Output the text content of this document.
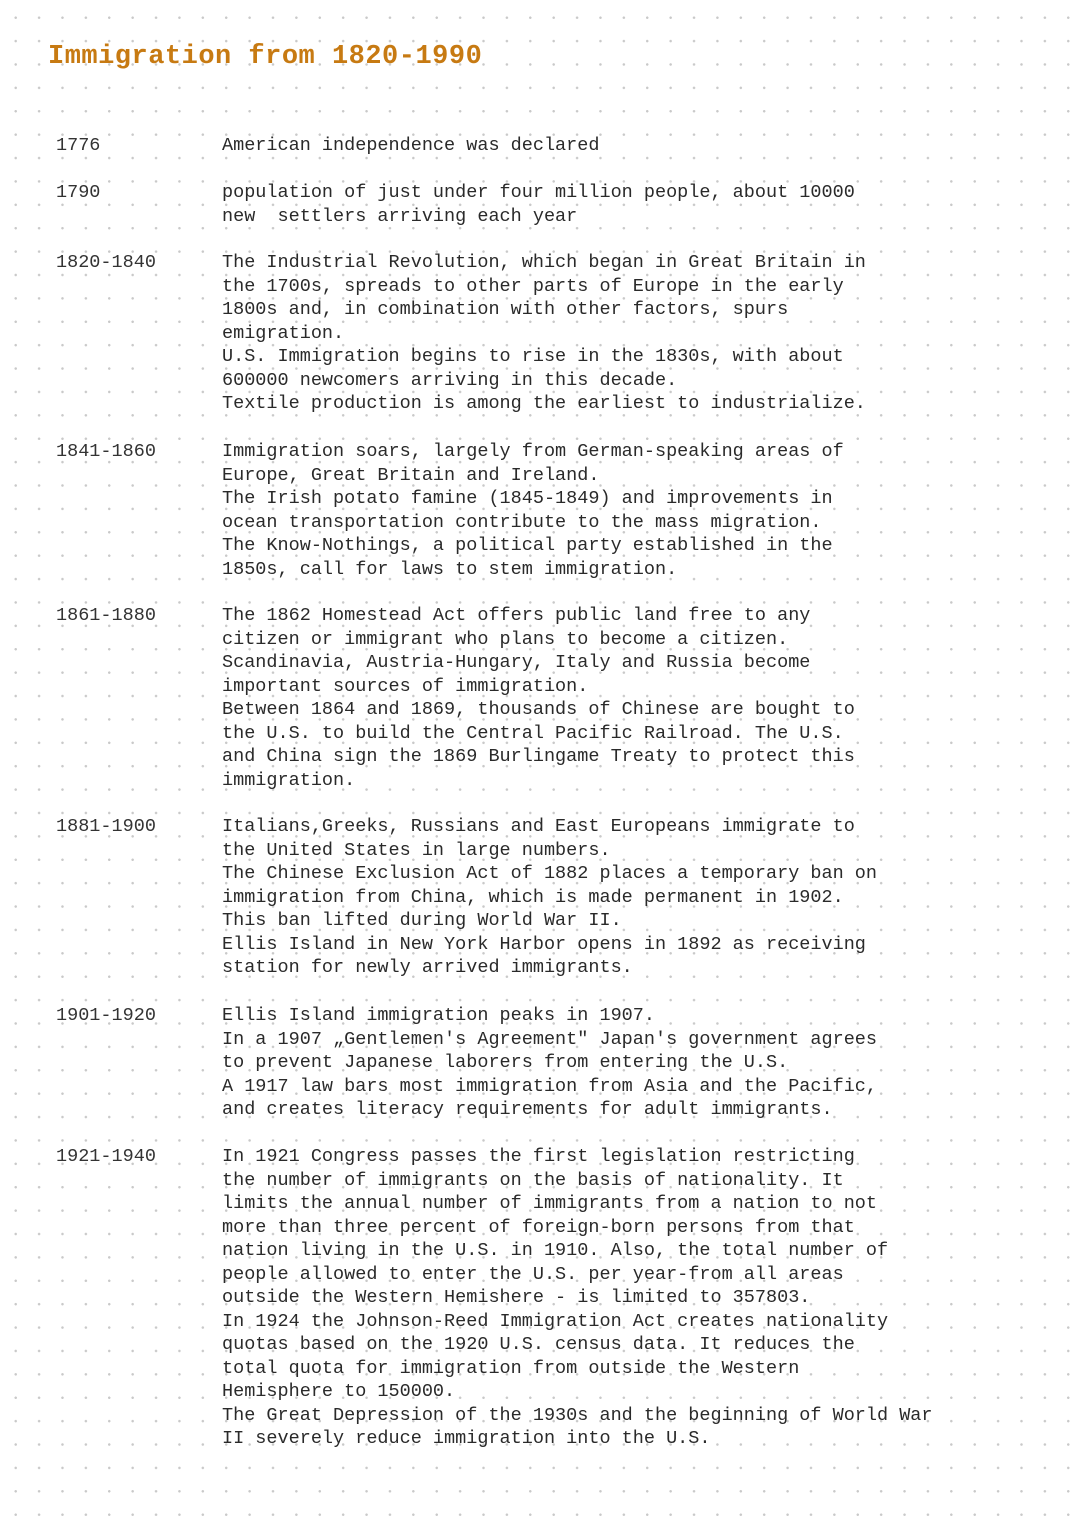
Immigration from 1820-1990
1776	American independence was declared

1790	population of just under four million people, about 10000

new  settlers arriving each year

1820-1840	The Industrial Revolution, which began in Great Britain in

the 1700s, spreads to other parts of Europe in the early

1800s and, in combination with other factors, spurs

emigration.

U.S. Immigration begins to rise in the 1830s, with about

600000 newcomers arriving in this decade.

Textile production is among the earliest to industrialize.

1841-1860	Immigration soars, largely from German-speaking areas of

Europe, Great Britain and Ireland.

The Irish potato famine (1845-1849) and improvements in

ocean transportation contribute to the mass migration.

The Know-Nothings, a political party established in the

1850s, call for laws to stem immigration.

1861-1880	The 1862 Homestead Act offers public land free to any

citizen or immigrant who plans to become a citizen.

Scandinavia, Austria-Hungary, Italy and Russia become

important sources of immigration.

Between 1864 and 1869, thousands of Chinese are bought to

the U.S. to build the Central Pacific Railroad. The U.S.

and China sign the 1869 Burlingame Treaty to protect this

immigration.

1881-1900	Italians,Greeks, Russians and East Europeans immigrate to

the United States in large numbers.

The Chinese Exclusion Act of 1882 places a temporary ban on

immigration from China, which is made permanent in 1902.

This ban lifted during World War II.

Ellis Island in New York Harbor opens in 1892 as receiving

station for newly arrived immigrants.

1901-1920	Ellis Island immigration peaks in 1907.

In a 1907 „Gentlemen's Agreement" Japan's government agrees

to prevent Japanese laborers from entering the U.S.

A 1917 law bars most immigration from Asia and the Pacific,

and creates literacy requirements for adult immigrants.

1921-1940	In 1921 Congress passes the first legislation restricting

the number of immigrants on the basis of nationality. It

limits the annual number of immigrants from a nation to not

more than three percent of foreign-born persons from that

nation living in the U.S. in 1910. Also, the total number of

people allowed to enter the U.S. per year-from all areas

outside the Western Hemishere - is limited to 357803.

In 1924 the Johnson-Reed Immigration Act creates nationality

quotas based on the 1920 U.S. census data. It reduces the

total quota for immigration from outside the Western

Hemisphere to 150000.

The Great Depression of the 1930s and the beginning of World War

II severely reduce immigration into the U.S.
